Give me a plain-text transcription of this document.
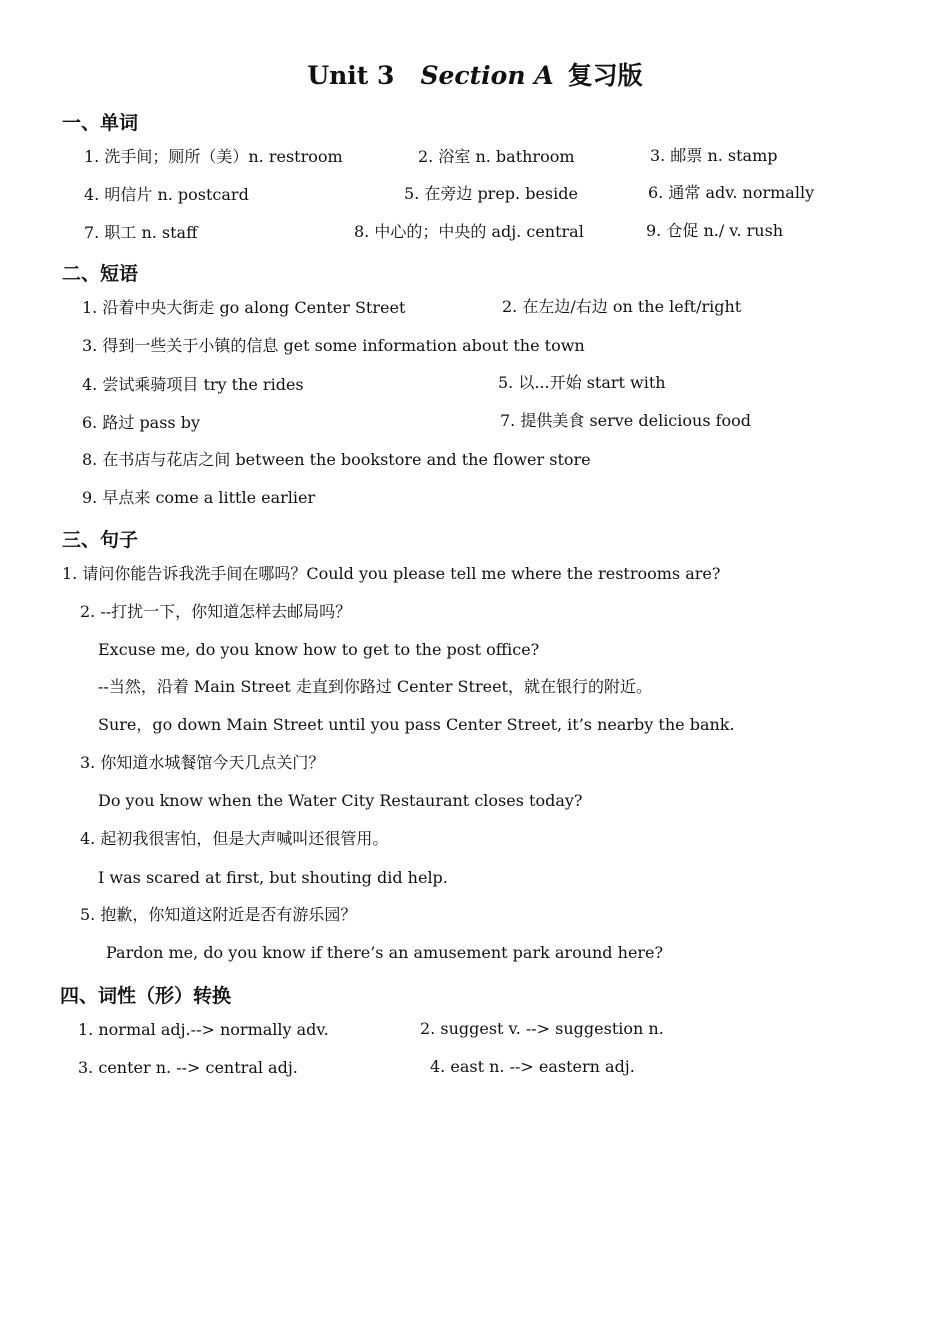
Unit 3 Section A 复习版
一、单词
1. 洗手间；厕所（美）n. restroom	2. 浴室 n. bathroom	3. 邮票 n. stamp
4. 明信片 n. postcard	5. 在旁边 prep. beside	6. 通常 adv. normally
7. 职工 n. staff	8. 中心的；中央的 adj. central	9. 仓促 n./ v. rush
二、短语
1. 沿着中央大街走 go along Center Street	2. 在左边/右边 on the left/right
3. 得到一些关于小镇的信息 get some information about the town
4. 尝试乘骑项目 try the rides	5. 以...开始 start with
6. 路过 pass by	7. 提供美食 serve delicious food
8. 在书店与花店之间 between the bookstore and the flower store
9. 早点来 come a little earlier
三、句子
1. 请问你能告诉我洗手间在哪吗？Could you please tell me where the restrooms are?
2. --打扰一下，你知道怎样去邮局吗？
Excuse me, do you know how to get to the post office?
--当然，沿着 Main Street 走直到你路过 Center Street，就在银行的附近。
Sure，go down Main Street until you pass Center Street, it’s nearby the bank.
3. 你知道水城餐馆今天几点关门？
Do you know when the Water City Restaurant closes today?
4. 起初我很害怕，但是大声喊叫还很管用。
I was scared at first, but shouting did help.
5. 抱歉，你知道这附近是否有游乐园？
Pardon me, do you know if there’s an amusement park around here?
四、词性（形）转换
1. normal adj.--> normally adv.	2. suggest v. --> suggestion n.
3. center n. --> central adj.	4. east n. --> eastern adj.
